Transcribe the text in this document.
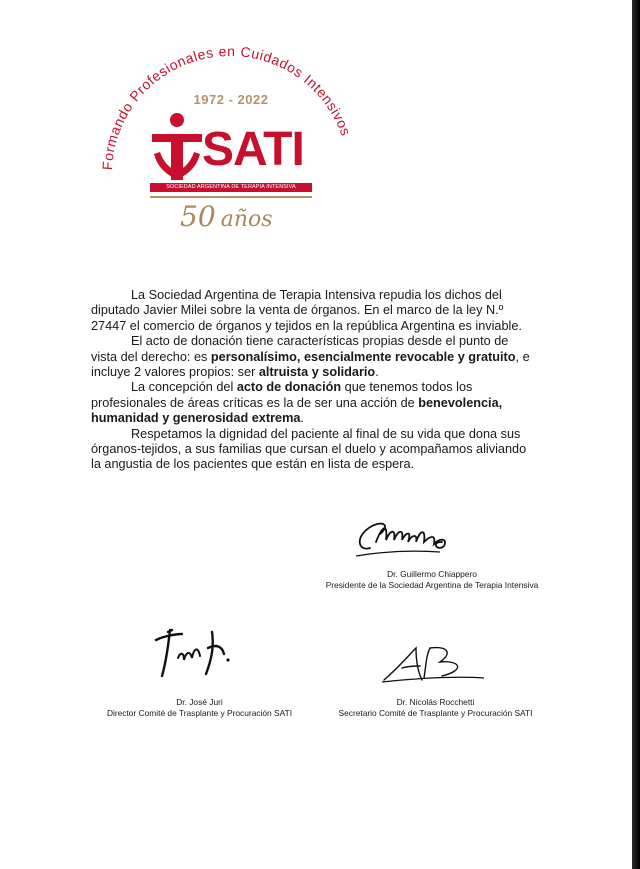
Formando Profesionales en Cuidados Intensivos
1972 - 2022
SATI
SOCIEDAD ARGENTINA DE TERAPIA INTENSIVA
50 años

La Sociedad Argentina de Terapia Intensiva repudia los dichos del diputado Javier Milei sobre la venta de órganos. En el marco de la ley N.º 27447 el comercio de órganos y tejidos en la república Argentina es inviable.

El acto de donación tiene características propias desde el punto de vista del derecho: es personalísimo, esencialmente revocable y gratuito, e incluye 2 valores propios: ser altruista y solidario.

La concepción del acto de donación que tenemos todos los profesionales de áreas críticas es la de ser una acción de benevolencia, humanidad y generosidad extrema.

Respetamos la dignidad del paciente al final de su vida que dona sus órganos-tejidos, a sus familias que cursan el duelo y acompañamos aliviando la angustia de los pacientes que están en lista de espera.

Dr. Guillermo Chiappero
Presidente de la Sociedad Argentina de Terapia Intensiva
Dr. José Juri
Director Comité de Trasplante y Procuración SATI
Dr. Nicolás Rocchetti
Secretario Comité de Trasplante y Procuración SATI
